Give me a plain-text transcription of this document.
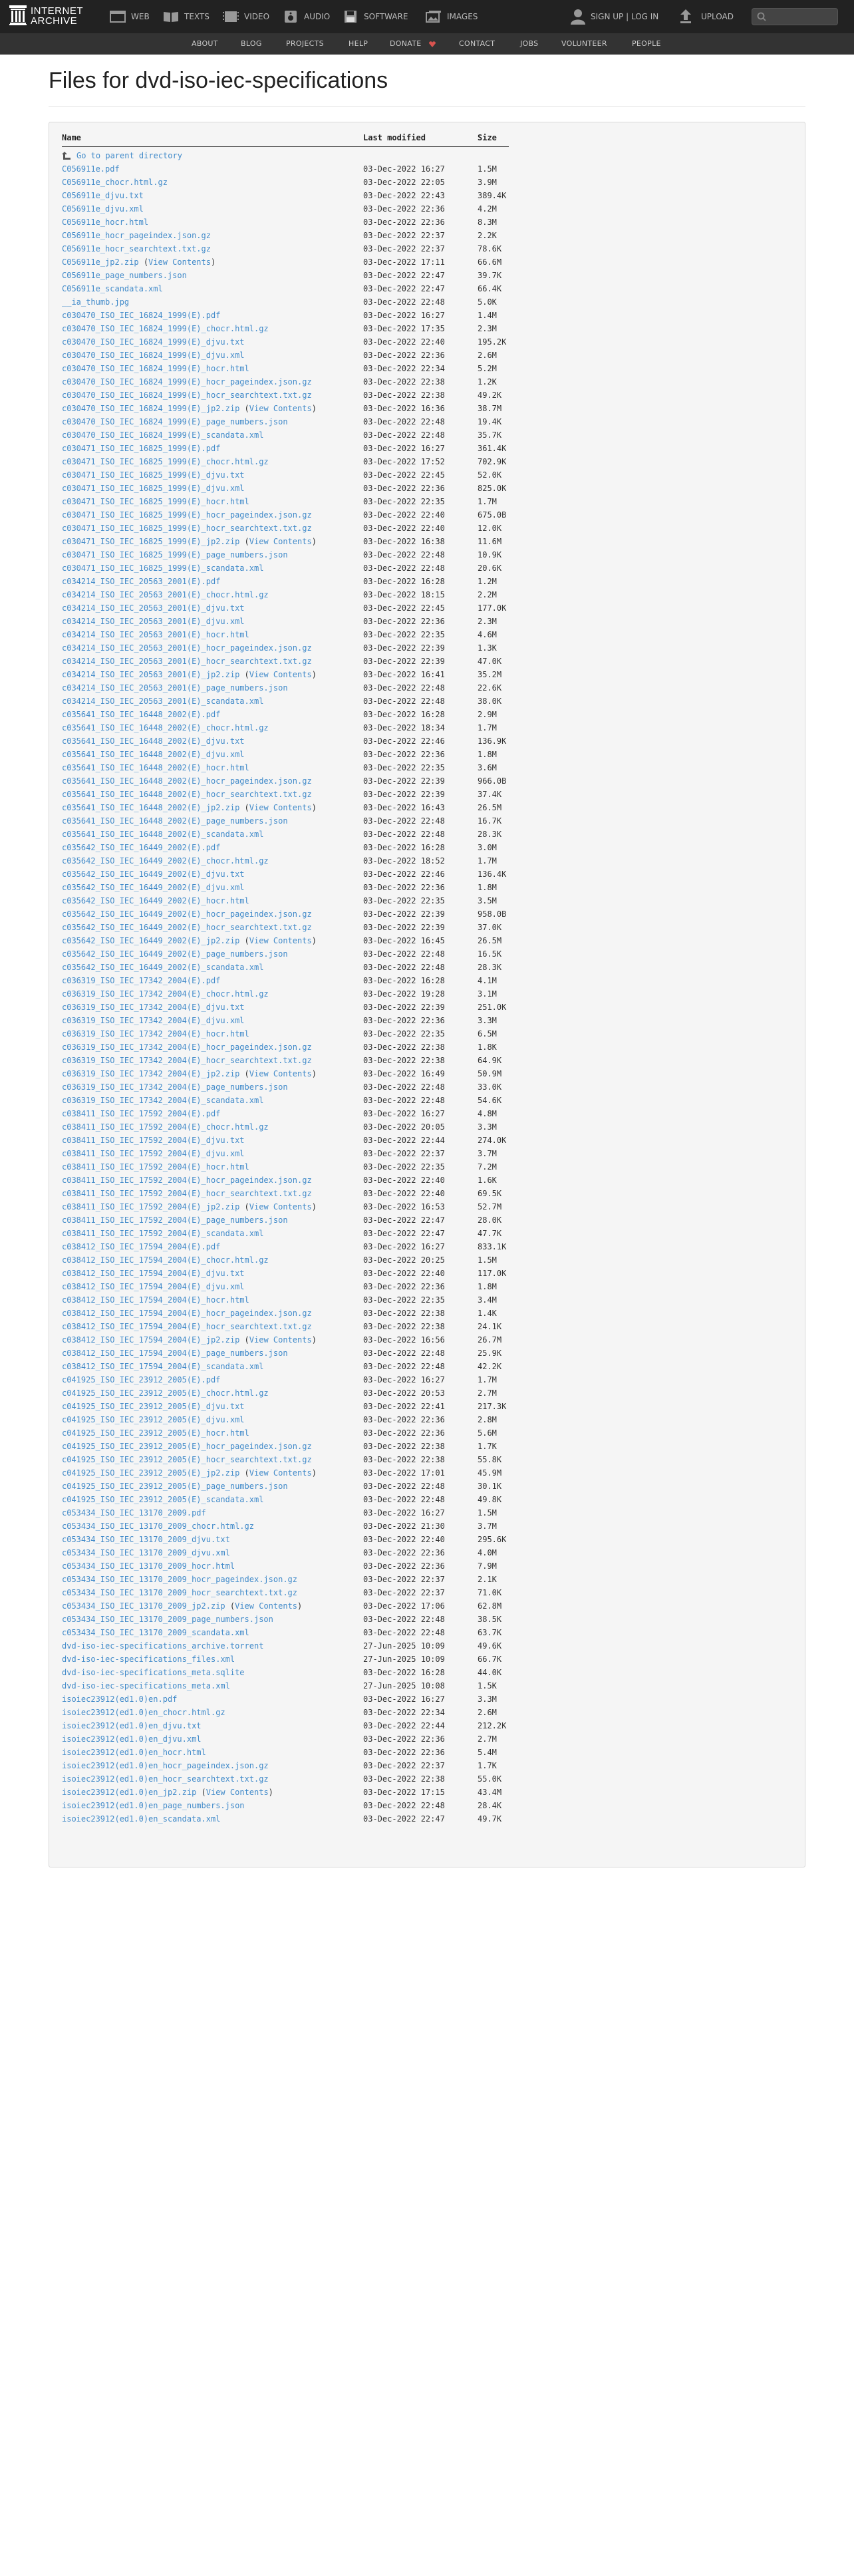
INTERNET
ARCHIVE	WEB	TEXTS	VIDEO	AUDIO	SOFTWARE	IMAGES	SIGN UP | LOG IN	UPLOAD
ABOUT	BLOG	PROJECTS	HELP	DONATE	CONTACT	JOBS	VOLUNTEER	PEOPLE
Files for dvd-iso-iec-specifications
Name	Last modified	Size
Go to parent directory
C056911e.pdf	03-Dec-2022 16:27	1.5M
C056911e_chocr.html.gz	03-Dec-2022 22:05	3.9M
C056911e_djvu.txt	03-Dec-2022 22:43	389.4K
C056911e_djvu.xml	03-Dec-2022 22:36	4.2M
C056911e_hocr.html	03-Dec-2022 22:36	8.3M
C056911e_hocr_pageindex.json.gz	03-Dec-2022 22:37	2.2K
C056911e_hocr_searchtext.txt.gz	03-Dec-2022 22:37	78.6K
C056911e_jp2.zip (View Contents)	03-Dec-2022 17:11	66.6M
C056911e_page_numbers.json	03-Dec-2022 22:47	39.7K
C056911e_scandata.xml	03-Dec-2022 22:47	66.4K
__ia_thumb.jpg	03-Dec-2022 22:48	5.0K
c030470_ISO_IEC_16824_1999(E).pdf	03-Dec-2022 16:27	1.4M
c030470_ISO_IEC_16824_1999(E)_chocr.html.gz	03-Dec-2022 17:35	2.3M
c030470_ISO_IEC_16824_1999(E)_djvu.txt	03-Dec-2022 22:40	195.2K
c030470_ISO_IEC_16824_1999(E)_djvu.xml	03-Dec-2022 22:36	2.6M
c030470_ISO_IEC_16824_1999(E)_hocr.html	03-Dec-2022 22:34	5.2M
c030470_ISO_IEC_16824_1999(E)_hocr_pageindex.json.gz	03-Dec-2022 22:38	1.2K
c030470_ISO_IEC_16824_1999(E)_hocr_searchtext.txt.gz	03-Dec-2022 22:38	49.2K
c030470_ISO_IEC_16824_1999(E)_jp2.zip (View Contents)	03-Dec-2022 16:36	38.7M
c030470_ISO_IEC_16824_1999(E)_page_numbers.json	03-Dec-2022 22:48	19.4K
c030470_ISO_IEC_16824_1999(E)_scandata.xml	03-Dec-2022 22:48	35.7K
c030471_ISO_IEC_16825_1999(E).pdf	03-Dec-2022 16:27	361.4K
c030471_ISO_IEC_16825_1999(E)_chocr.html.gz	03-Dec-2022 17:52	702.9K
c030471_ISO_IEC_16825_1999(E)_djvu.txt	03-Dec-2022 22:45	52.0K
c030471_ISO_IEC_16825_1999(E)_djvu.xml	03-Dec-2022 22:36	825.0K
c030471_ISO_IEC_16825_1999(E)_hocr.html	03-Dec-2022 22:35	1.7M
c030471_ISO_IEC_16825_1999(E)_hocr_pageindex.json.gz	03-Dec-2022 22:40	675.0B
c030471_ISO_IEC_16825_1999(E)_hocr_searchtext.txt.gz	03-Dec-2022 22:40	12.0K
c030471_ISO_IEC_16825_1999(E)_jp2.zip (View Contents)	03-Dec-2022 16:38	11.6M
c030471_ISO_IEC_16825_1999(E)_page_numbers.json	03-Dec-2022 22:48	10.9K
c030471_ISO_IEC_16825_1999(E)_scandata.xml	03-Dec-2022 22:48	20.6K
c034214_ISO_IEC_20563_2001(E).pdf	03-Dec-2022 16:28	1.2M
c034214_ISO_IEC_20563_2001(E)_chocr.html.gz	03-Dec-2022 18:15	2.2M
c034214_ISO_IEC_20563_2001(E)_djvu.txt	03-Dec-2022 22:45	177.0K
c034214_ISO_IEC_20563_2001(E)_djvu.xml	03-Dec-2022 22:36	2.3M
c034214_ISO_IEC_20563_2001(E)_hocr.html	03-Dec-2022 22:35	4.6M
c034214_ISO_IEC_20563_2001(E)_hocr_pageindex.json.gz	03-Dec-2022 22:39	1.3K
c034214_ISO_IEC_20563_2001(E)_hocr_searchtext.txt.gz	03-Dec-2022 22:39	47.0K
c034214_ISO_IEC_20563_2001(E)_jp2.zip (View Contents)	03-Dec-2022 16:41	35.2M
c034214_ISO_IEC_20563_2001(E)_page_numbers.json	03-Dec-2022 22:48	22.6K
c034214_ISO_IEC_20563_2001(E)_scandata.xml	03-Dec-2022 22:48	38.0K
c035641_ISO_IEC_16448_2002(E).pdf	03-Dec-2022 16:28	2.9M
c035641_ISO_IEC_16448_2002(E)_chocr.html.gz	03-Dec-2022 18:34	1.7M
c035641_ISO_IEC_16448_2002(E)_djvu.txt	03-Dec-2022 22:46	136.9K
c035641_ISO_IEC_16448_2002(E)_djvu.xml	03-Dec-2022 22:36	1.8M
c035641_ISO_IEC_16448_2002(E)_hocr.html	03-Dec-2022 22:35	3.6M
c035641_ISO_IEC_16448_2002(E)_hocr_pageindex.json.gz	03-Dec-2022 22:39	966.0B
c035641_ISO_IEC_16448_2002(E)_hocr_searchtext.txt.gz	03-Dec-2022 22:39	37.4K
c035641_ISO_IEC_16448_2002(E)_jp2.zip (View Contents)	03-Dec-2022 16:43	26.5M
c035641_ISO_IEC_16448_2002(E)_page_numbers.json	03-Dec-2022 22:48	16.7K
c035641_ISO_IEC_16448_2002(E)_scandata.xml	03-Dec-2022 22:48	28.3K
c035642_ISO_IEC_16449_2002(E).pdf	03-Dec-2022 16:28	3.0M
c035642_ISO_IEC_16449_2002(E)_chocr.html.gz	03-Dec-2022 18:52	1.7M
c035642_ISO_IEC_16449_2002(E)_djvu.txt	03-Dec-2022 22:46	136.4K
c035642_ISO_IEC_16449_2002(E)_djvu.xml	03-Dec-2022 22:36	1.8M
c035642_ISO_IEC_16449_2002(E)_hocr.html	03-Dec-2022 22:35	3.5M
c035642_ISO_IEC_16449_2002(E)_hocr_pageindex.json.gz	03-Dec-2022 22:39	958.0B
c035642_ISO_IEC_16449_2002(E)_hocr_searchtext.txt.gz	03-Dec-2022 22:39	37.0K
c035642_ISO_IEC_16449_2002(E)_jp2.zip (View Contents)	03-Dec-2022 16:45	26.5M
c035642_ISO_IEC_16449_2002(E)_page_numbers.json	03-Dec-2022 22:48	16.5K
c035642_ISO_IEC_16449_2002(E)_scandata.xml	03-Dec-2022 22:48	28.3K
c036319_ISO_IEC_17342_2004(E).pdf	03-Dec-2022 16:28	4.1M
c036319_ISO_IEC_17342_2004(E)_chocr.html.gz	03-Dec-2022 19:28	3.1M
c036319_ISO_IEC_17342_2004(E)_djvu.txt	03-Dec-2022 22:39	251.0K
c036319_ISO_IEC_17342_2004(E)_djvu.xml	03-Dec-2022 22:36	3.3M
c036319_ISO_IEC_17342_2004(E)_hocr.html	03-Dec-2022 22:35	6.5M
c036319_ISO_IEC_17342_2004(E)_hocr_pageindex.json.gz	03-Dec-2022 22:38	1.8K
c036319_ISO_IEC_17342_2004(E)_hocr_searchtext.txt.gz	03-Dec-2022 22:38	64.9K
c036319_ISO_IEC_17342_2004(E)_jp2.zip (View Contents)	03-Dec-2022 16:49	50.9M
c036319_ISO_IEC_17342_2004(E)_page_numbers.json	03-Dec-2022 22:48	33.0K
c036319_ISO_IEC_17342_2004(E)_scandata.xml	03-Dec-2022 22:48	54.6K
c038411_ISO_IEC_17592_2004(E).pdf	03-Dec-2022 16:27	4.8M
c038411_ISO_IEC_17592_2004(E)_chocr.html.gz	03-Dec-2022 20:05	3.3M
c038411_ISO_IEC_17592_2004(E)_djvu.txt	03-Dec-2022 22:44	274.0K
c038411_ISO_IEC_17592_2004(E)_djvu.xml	03-Dec-2022 22:37	3.7M
c038411_ISO_IEC_17592_2004(E)_hocr.html	03-Dec-2022 22:35	7.2M
c038411_ISO_IEC_17592_2004(E)_hocr_pageindex.json.gz	03-Dec-2022 22:40	1.6K
c038411_ISO_IEC_17592_2004(E)_hocr_searchtext.txt.gz	03-Dec-2022 22:40	69.5K
c038411_ISO_IEC_17592_2004(E)_jp2.zip (View Contents)	03-Dec-2022 16:53	52.7M
c038411_ISO_IEC_17592_2004(E)_page_numbers.json	03-Dec-2022 22:47	28.0K
c038411_ISO_IEC_17592_2004(E)_scandata.xml	03-Dec-2022 22:47	47.7K
c038412_ISO_IEC_17594_2004(E).pdf	03-Dec-2022 16:27	833.1K
c038412_ISO_IEC_17594_2004(E)_chocr.html.gz	03-Dec-2022 20:25	1.5M
c038412_ISO_IEC_17594_2004(E)_djvu.txt	03-Dec-2022 22:40	117.0K
c038412_ISO_IEC_17594_2004(E)_djvu.xml	03-Dec-2022 22:36	1.8M
c038412_ISO_IEC_17594_2004(E)_hocr.html	03-Dec-2022 22:35	3.4M
c038412_ISO_IEC_17594_2004(E)_hocr_pageindex.json.gz	03-Dec-2022 22:38	1.4K
c038412_ISO_IEC_17594_2004(E)_hocr_searchtext.txt.gz	03-Dec-2022 22:38	24.1K
c038412_ISO_IEC_17594_2004(E)_jp2.zip (View Contents)	03-Dec-2022 16:56	26.7M
c038412_ISO_IEC_17594_2004(E)_page_numbers.json	03-Dec-2022 22:48	25.9K
c038412_ISO_IEC_17594_2004(E)_scandata.xml	03-Dec-2022 22:48	42.2K
c041925_ISO_IEC_23912_2005(E).pdf	03-Dec-2022 16:27	1.7M
c041925_ISO_IEC_23912_2005(E)_chocr.html.gz	03-Dec-2022 20:53	2.7M
c041925_ISO_IEC_23912_2005(E)_djvu.txt	03-Dec-2022 22:41	217.3K
c041925_ISO_IEC_23912_2005(E)_djvu.xml	03-Dec-2022 22:36	2.8M
c041925_ISO_IEC_23912_2005(E)_hocr.html	03-Dec-2022 22:36	5.6M
c041925_ISO_IEC_23912_2005(E)_hocr_pageindex.json.gz	03-Dec-2022 22:38	1.7K
c041925_ISO_IEC_23912_2005(E)_hocr_searchtext.txt.gz	03-Dec-2022 22:38	55.8K
c041925_ISO_IEC_23912_2005(E)_jp2.zip (View Contents)	03-Dec-2022 17:01	45.9M
c041925_ISO_IEC_23912_2005(E)_page_numbers.json	03-Dec-2022 22:48	30.1K
c041925_ISO_IEC_23912_2005(E)_scandata.xml	03-Dec-2022 22:48	49.8K
c053434_ISO_IEC_13170_2009.pdf	03-Dec-2022 16:27	1.5M
c053434_ISO_IEC_13170_2009_chocr.html.gz	03-Dec-2022 21:30	3.7M
c053434_ISO_IEC_13170_2009_djvu.txt	03-Dec-2022 22:40	295.6K
c053434_ISO_IEC_13170_2009_djvu.xml	03-Dec-2022 22:36	4.0M
c053434_ISO_IEC_13170_2009_hocr.html	03-Dec-2022 22:36	7.9M
c053434_ISO_IEC_13170_2009_hocr_pageindex.json.gz	03-Dec-2022 22:37	2.1K
c053434_ISO_IEC_13170_2009_hocr_searchtext.txt.gz	03-Dec-2022 22:37	71.0K
c053434_ISO_IEC_13170_2009_jp2.zip (View Contents)	03-Dec-2022 17:06	62.8M
c053434_ISO_IEC_13170_2009_page_numbers.json	03-Dec-2022 22:48	38.5K
c053434_ISO_IEC_13170_2009_scandata.xml	03-Dec-2022 22:48	63.7K
dvd-iso-iec-specifications_archive.torrent	27-Jun-2025 10:09	49.6K
dvd-iso-iec-specifications_files.xml	27-Jun-2025 10:09	66.7K
dvd-iso-iec-specifications_meta.sqlite	03-Dec-2022 16:28	44.0K
dvd-iso-iec-specifications_meta.xml	27-Jun-2025 10:08	1.5K
isoiec23912(ed1.0)en.pdf	03-Dec-2022 16:27	3.3M
isoiec23912(ed1.0)en_chocr.html.gz	03-Dec-2022 22:34	2.6M
isoiec23912(ed1.0)en_djvu.txt	03-Dec-2022 22:44	212.2K
isoiec23912(ed1.0)en_djvu.xml	03-Dec-2022 22:36	2.7M
isoiec23912(ed1.0)en_hocr.html	03-Dec-2022 22:36	5.4M
isoiec23912(ed1.0)en_hocr_pageindex.json.gz	03-Dec-2022 22:37	1.7K
isoiec23912(ed1.0)en_hocr_searchtext.txt.gz	03-Dec-2022 22:38	55.0K
isoiec23912(ed1.0)en_jp2.zip (View Contents)	03-Dec-2022 17:15	43.4M
isoiec23912(ed1.0)en_page_numbers.json	03-Dec-2022 22:48	28.4K
isoiec23912(ed1.0)en_scandata.xml	03-Dec-2022 22:47	49.7K
